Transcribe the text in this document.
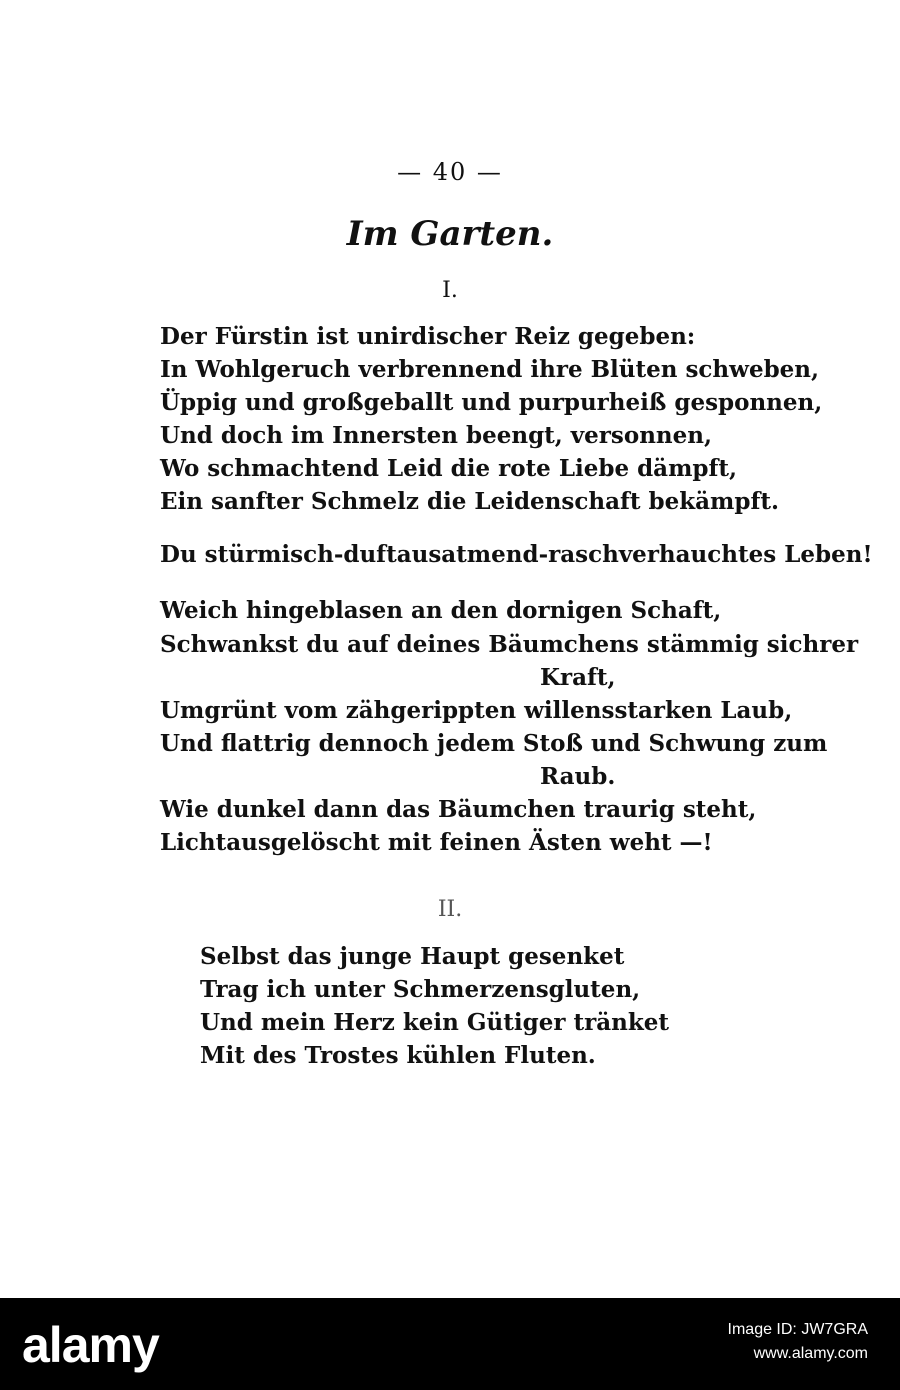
— 40 —
Im Garten.
I.
Der Fürstin ist unirdischer Reiz gegeben:
In Wohlgeruch verbrennend ihre Blüten schweben,
Üppig und großgeballt und purpurheiß gesponnen,
Und doch im Innersten beengt, versonnen,
Wo schmachtend Leid die rote Liebe dämpft,
Ein sanfter Schmelz die Leidenschaft bekämpft.
Du stürmisch-duftausatmend-raschverhauchtes Leben!
Weich hingeblasen an den dornigen Schaft,
Schwankst du auf deines Bäumchens stämmig sichrer
Kraft,
Umgrünt vom zähgerippten willensstarken Laub,
Und flattrig dennoch jedem Stoß und Schwung zum
Raub.
Wie dunkel dann das Bäumchen traurig steht,
Lichtausgelöscht mit feinen Ästen weht —!
II.
Selbst das junge Haupt gesenket
Trag ich unter Schmerzensgluten,
Und mein Herz kein Gütiger tränket
Mit des Trostes kühlen Fluten.
alamy	Image ID: JW7GRA
www.alamy.com
